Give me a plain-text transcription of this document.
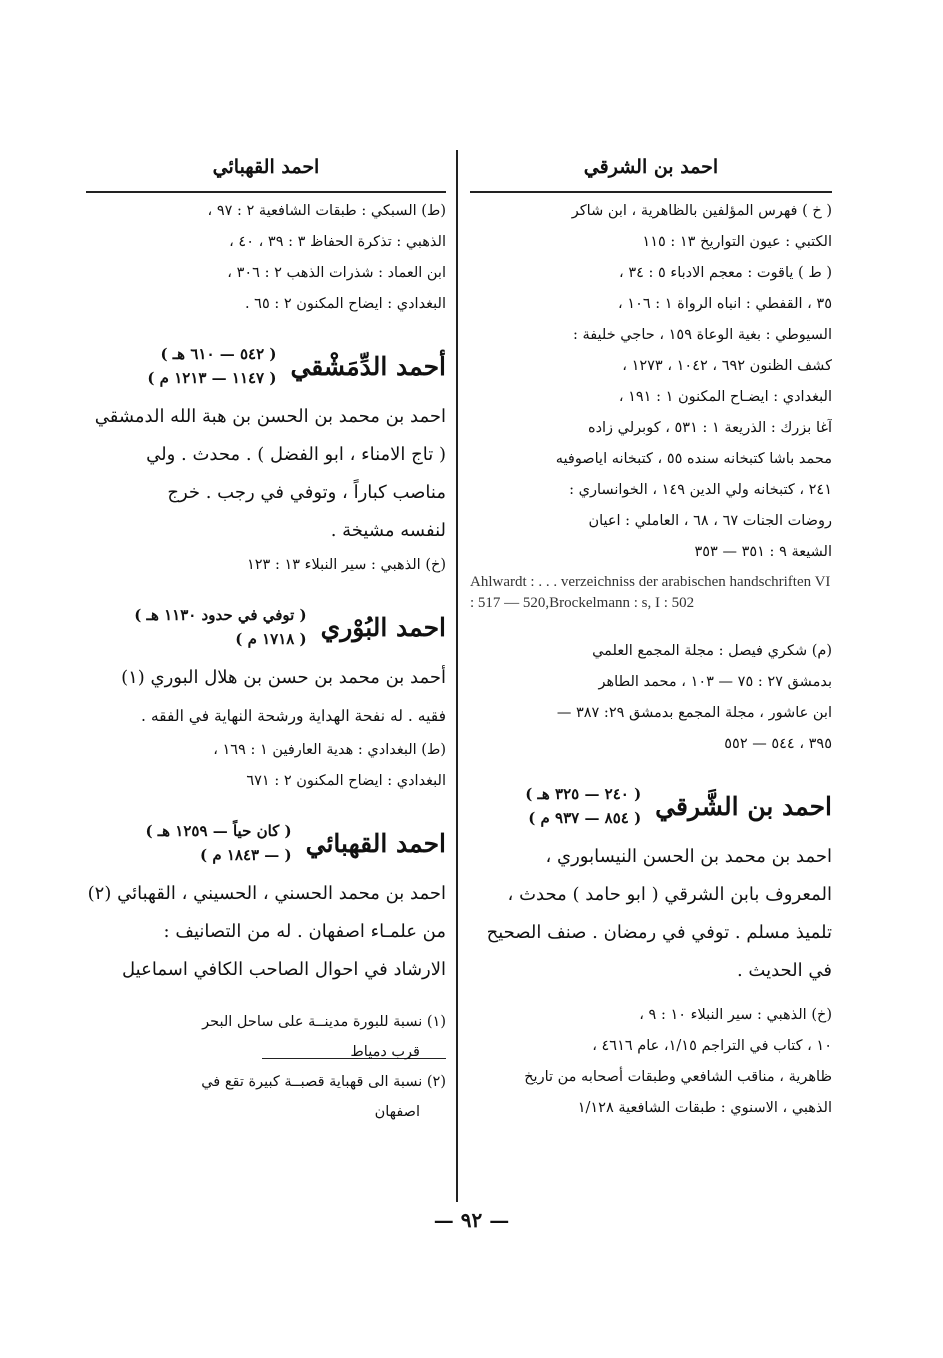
احمد بن الشرقي
( خ ) فهرس المؤلفين بالظاهرية ، ابن شاكر
الكتبي : عيون التواريخ ١٣ : ١١٥
( ط ) ياقوت : معجم الادباء ٥ : ٣٤ ،
٣٥ ، القفطي : انباه الرواة ١ : ١٠٦ ،
السيوطي : بغية الوعاة ١٥٩ ، حاجي خليفة :
كشف الظنون ٦٩٢ ، ١٠٤٢ ، ١٢٧٣ ،
البغدادي : ايضـاح المكنون ١ : ١٩١ ،
آغا بزرك : الذريعة ١ : ٥٣١ ، كوبرلي زاده
محمد باشا كتبخانه سنده ٥٥ ، كتبخانه اياصوفيه
٢٤١ ، كتبخانه ولي الدين ١٤٩ ، الخوانساري :
روضات الجنات ٦٧ ، ٦٨ ، العاملي : اعيان
الشيعة ٩ : ٣٥١ — ٣٥٣
Ahlwardt : . . . verzeichniss der arabischen handschriften VI : 517 — 520,Brockelmann : s, I : 502
(م) شكري فيصل : مجلة المجمع العلمي
بدمشق ٢٧ : ٧٥ — ١٠٣ ، محمد الطاهر
ابن عاشور ، مجلة المجمع بدمشق ٢٩: ٣٨٧ —
٣٩٥ ، ٥٤٤ — ٥٥٢
احمد بن الشَّرقي
( ٢٤٠ — ٣٢٥ هـ )
( ٨٥٤ — ٩٣٧ م )
احمد بن محمد بن الحسن النيسابوري ،
المعروف بابن الشرقي ( ابو حامد ) محدث ،
تلميذ مسلم . توفي في رمضان . صنف الصحيح
في الحديث .
(خ) الذهبي : سير النبلاء ١٠ : ٩ ،
١٠ ، كتاب في التراجم ١/١٥، عام ٤٦١٦ ،
ظاهرية ، مناقب الشافعي وطبقات أصحابه من تاريخ
الذهبي ، الاسنوي : طبقات الشافعية ١/١٢٨
احمد القهبائي
(ط) السبكي : طبقات الشافعية ٢ : ٩٧ ،
الذهبي : تذكرة الحفاظ ٣ : ٣٩ ، ٤٠ ،
ابن العماد : شذرات الذهب ٢ : ٣٠٦ ،
البغدادي : ايضاح المكنون ٢ : ٦٥ .
أحمد الدِّمَشْقي
( ٥٤٢ — ٦١٠ هـ )
( ١١٤٧ — ١٢١٣ م )
احمد بن محمد بن الحسن بن هبة الله الدمشقي
( تاج الامناء ، ابو الفضل ) . محدث . ولي
مناصب كباراً ، وتوفي في رجب . خرج
لنفسه مشيخة .
(خ) الذهبي : سير النبلاء ١٣ : ١٢٣
احمد البُوْري
( توفي في حدود ١١٣٠ هـ )
( ١٧١٨ م )
أحمد بن محمد بن حسن بن هلال البوري (١)
فقيه . له نفحة الهداية ورشحة النهاية في الفقه .
(ط) البغدادي : هدية العارفين ١ : ١٦٩ ،
البغدادي : ايضاح المكنون ٢ : ٦٧١
احمد القهبائي
( كان حياً — ١٢٥٩ هـ )
( — ١٨٤٣ م )
احمد بن محمد الحسني ، الحسيني ، القهبائي (٢)
من علمـاء اصفهان . له من التصانيف :
الارشاد في احوال الصاحب الكافي اسماعيل
(١) نسبة للبورة مدينــة على ساحل البحر
قرب دمياط
(٢) نسبة الى قهباية قصبــة كبيرة تقع في
اصفهان
— ٩٢ —
